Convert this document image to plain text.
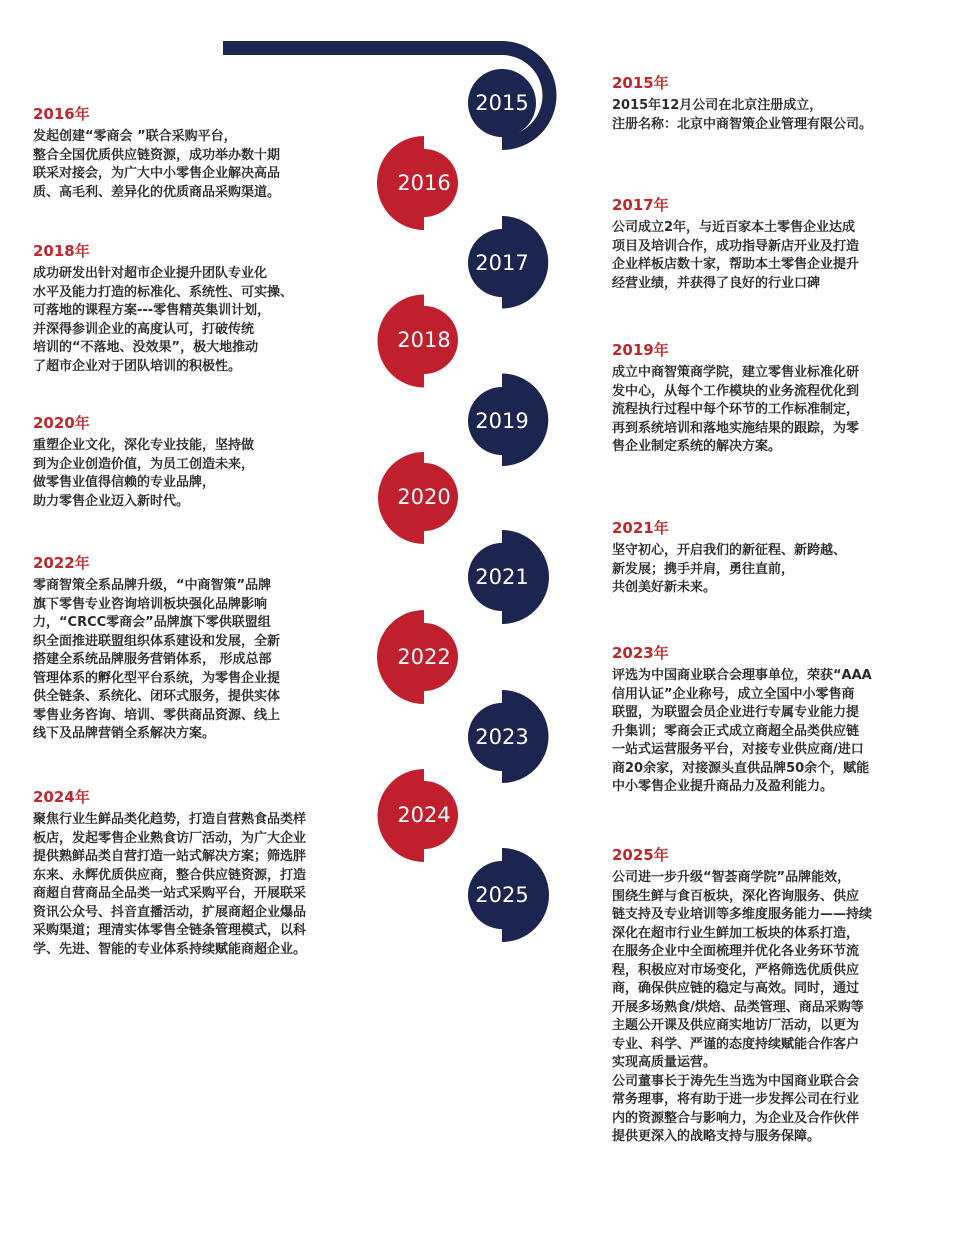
2015
2016
2017
2018
2019
2020
2021
2022
2023
2024
2025
2015年
2015年12月公司在北京注册成立，
注册名称：北京中商智策企业管理有限公司。
2016年
发起创建“零商会 ”联合采购平台，
整合全国优质供应链资源，成功举办数十期
联采对接会，为广大中小零售企业解决高品
质、高毛利、差异化的优质商品采购渠道。
2017年
公司成立2年，与近百家本土零售企业达成
项目及培训合作，成功指导新店开业及打造
企业样板店数十家，帮助本土零售企业提升
经营业绩，并获得了良好的行业口碑
2018年
成功研发出针对超市企业提升团队专业化
水平及能力打造的标准化、系统性、可实操、
可落地的课程方案---零售精英集训计划，
并深得参训企业的高度认可，打破传统
培训的“不落地、没效果”，极大地推动
了超市企业对于团队培训的积极性。
2019年
成立中商智策商学院，建立零售业标准化研
发中心，从每个工作模块的业务流程优化到
流程执行过程中每个环节的工作标准制定，
再到系统培训和落地实施结果的跟踪，为零
售企业制定系统的解决方案。
2020年
重塑企业文化，深化专业技能，坚持做
到为企业创造价值，为员工创造未来，
做零售业值得信赖的专业品牌，
助力零售企业迈入新时代。
2021年
坚守初心，开启我们的新征程、新跨越、
新发展；携手并肩，勇往直前，
共创美好新未来。
2022年
零商智策全系品牌升级，“中商智策”品牌
旗下零售专业咨询培训板块强化品牌影响
力，“CRCC零商会”品牌旗下零供联盟组
织全面推进联盟组织体系建设和发展，全新
搭建全系统品牌服务营销体系， 形成总部
管理体系的孵化型平台系统，为零售企业提
供全链条、系统化、闭环式服务，提供实体
零售业务咨询、培训、零供商品资源、线上
线下及品牌营销全系解决方案。
2023年
评选为中国商业联合会理事单位，荣获“AAA
信用认证”企业称号，成立全国中小零售商
联盟，为联盟会员企业进行专属专业能力提
升集训；零商会正式成立商超全品类供应链
一站式运营服务平台，对接专业供应商/进口
商20余家，对接源头直供品牌50余个，赋能
中小零售企业提升商品力及盈利能力。
2024年
聚焦行业生鲜品类化趋势，打造自营熟食品类样
板店，发起零售企业熟食访厂活动，为广大企业
提供熟鲜品类自营打造一站式解决方案；筛选胖
东来、永辉优质供应商，整合供应链资源，打造
商超自营商品全品类一站式采购平台，开展联采
资讯公众号、抖音直播活动，扩展商超企业爆品
采购渠道；理清实体零售全链条管理模式，以科
学、先进、智能的专业体系持续赋能商超企业。
2025年
公司进一步升级“智荟商学院”品牌能效，
围绕生鲜与食百板块，深化咨询服务、供应
链支持及专业培训等多维度服务能力——持续
深化在超市行业生鲜加工板块的体系打造，
在服务企业中全面梳理并优化各业务环节流
程，积极应对市场变化，严格筛选优质供应
商，确保供应链的稳定与高效。同时，通过
开展多场熟食/烘焙、品类管理、商品采购等
主题公开课及供应商实地访厂活动，以更为
专业、科学、严谨的态度持续赋能合作客户
实现高质量运营。
公司董事长于涛先生当选为中国商业联合会
常务理事，将有助于进一步发挥公司在行业
内的资源整合与影响力，为企业及合作伙伴
提供更深入的战略支持与服务保障。
